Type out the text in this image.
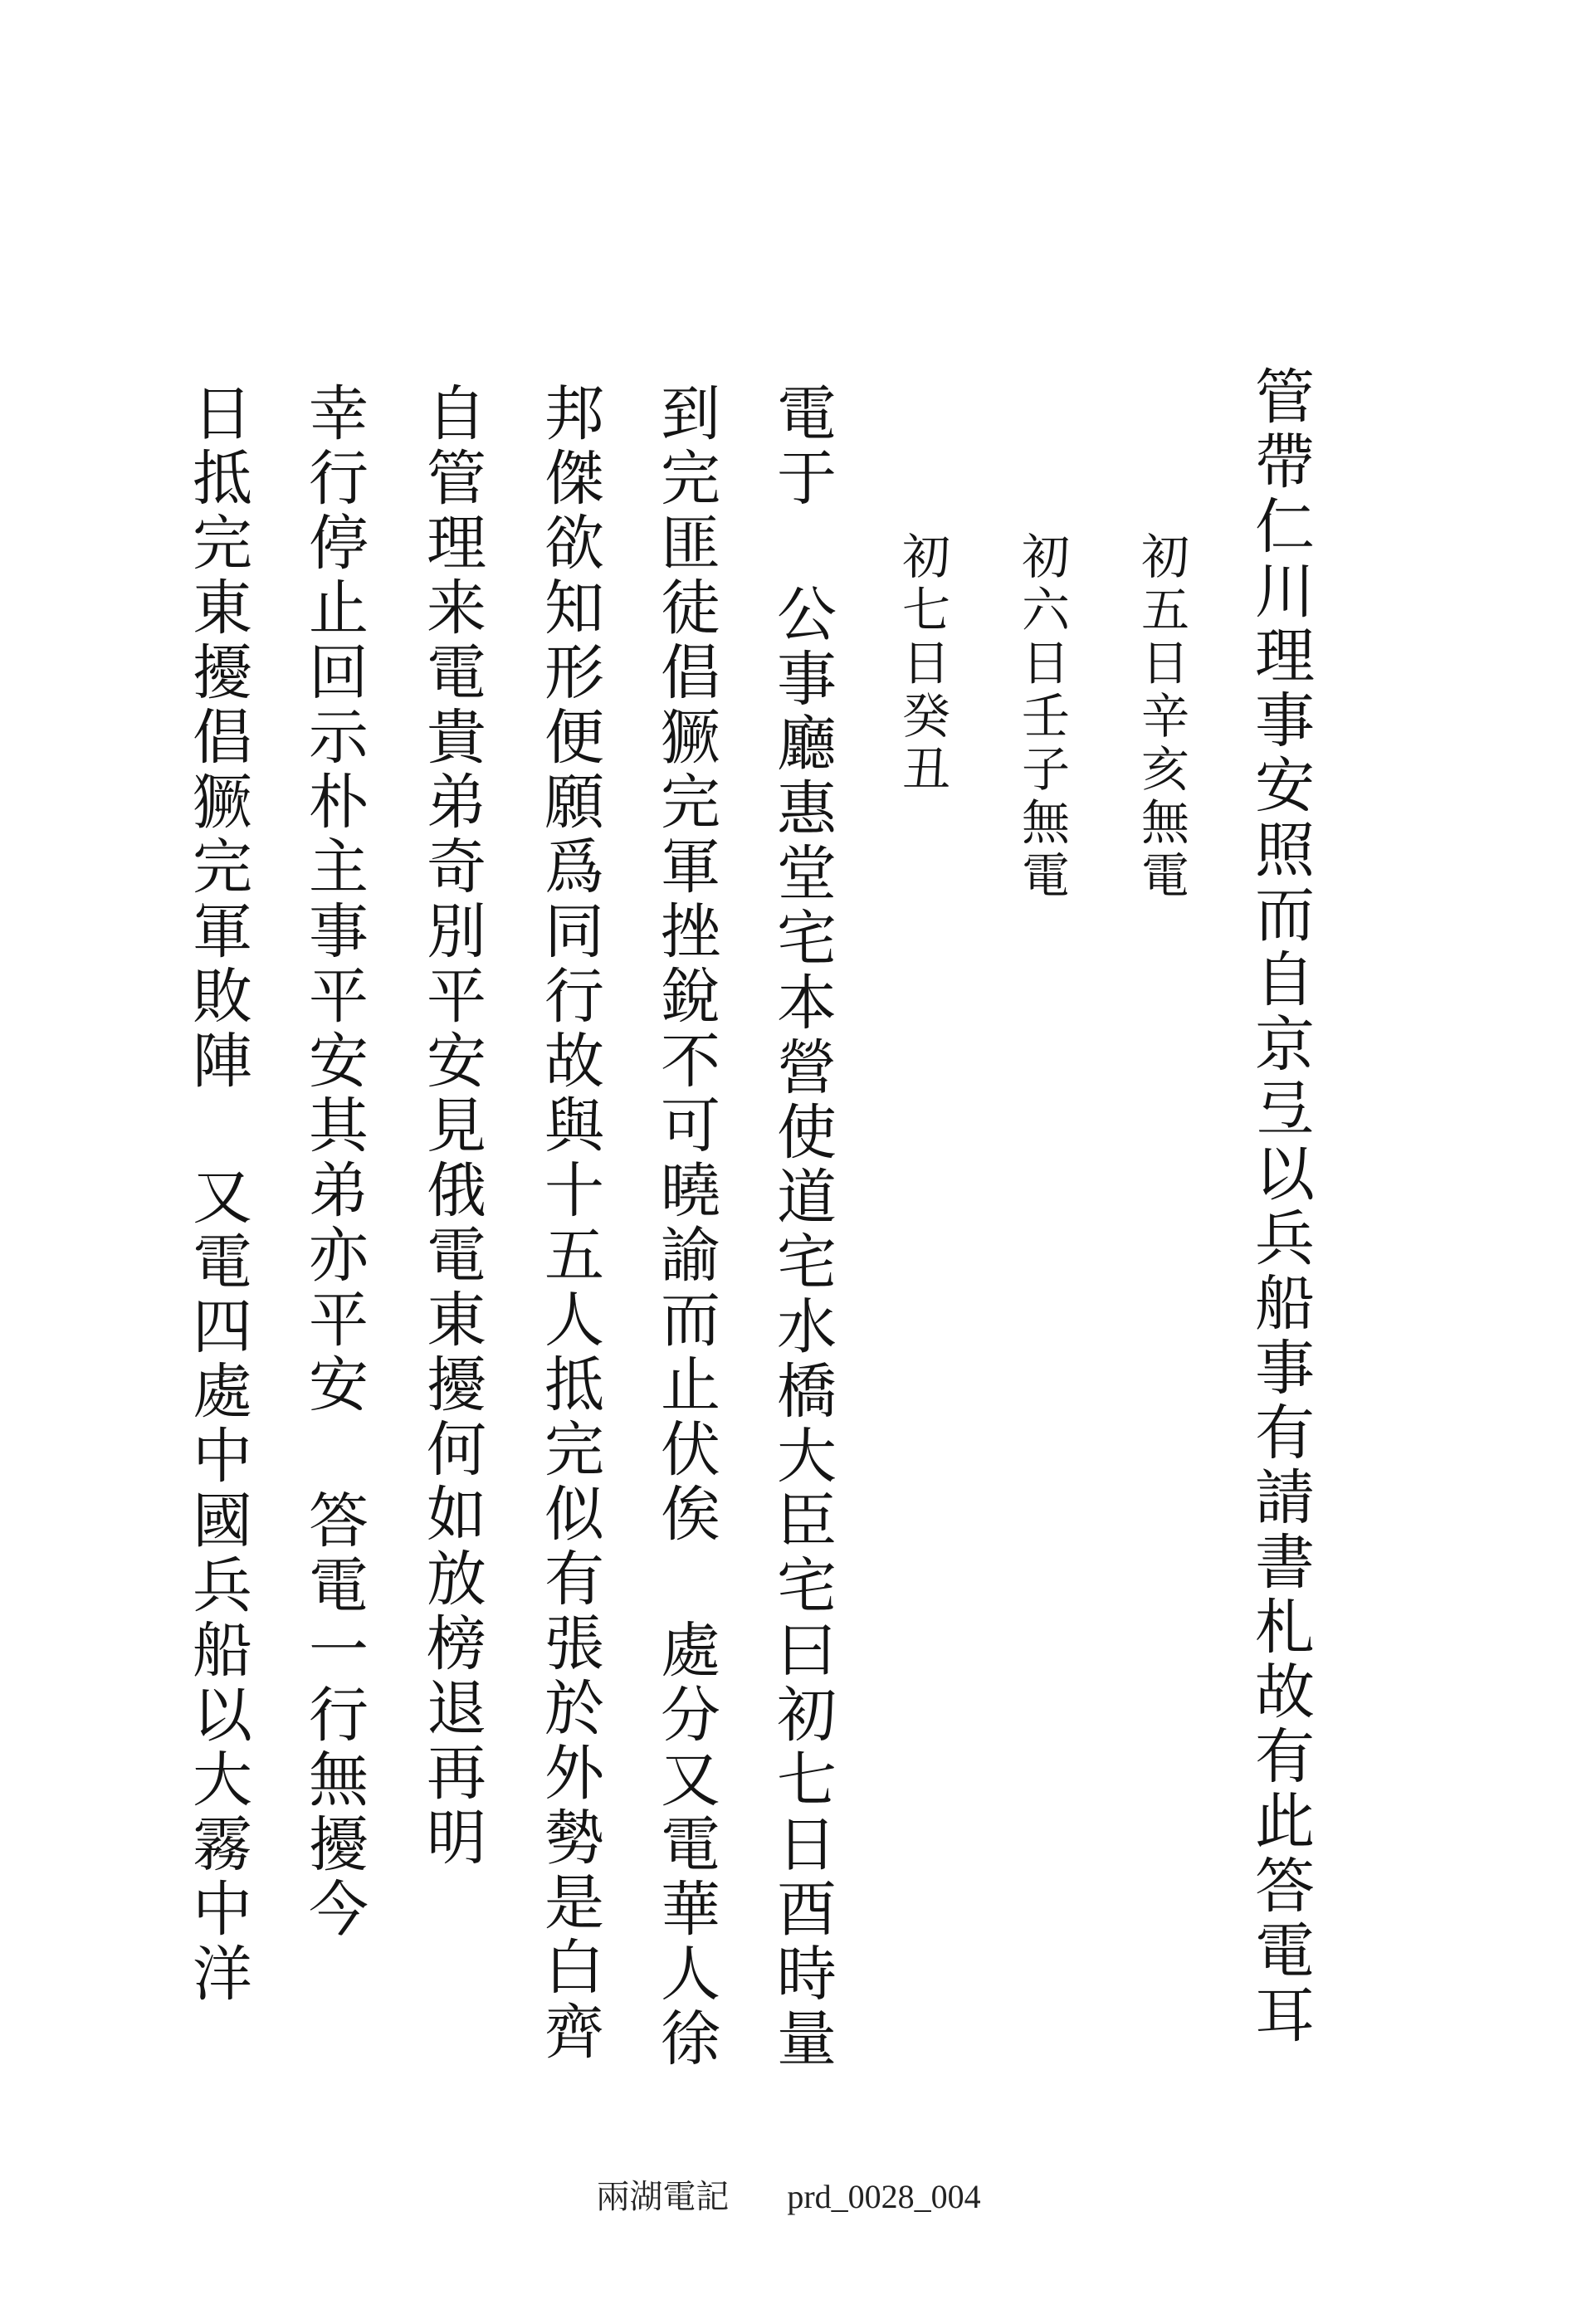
管帶仁川理事安照而自京弖以兵船事有請書札故有此答電耳
初五日辛亥無電
初六日壬子無電
初七日癸丑
電于公事廳惠堂宅本營使道宅水橋大臣宅曰初七日酉時量
到完匪徒倡獗完軍挫銳不可曉諭而止伏俟處分又電華人徐
邦傑欲知形便願爲同行故與十五人抵完似有張於外勢是白齊
自管理来電貴弟奇別平安見俄電東擾何如放榜退再明
幸行停止回示朴主事平安其弟亦平安答電一行無擾今
日抵完東擾倡獗完軍敗陣又電四處中國兵船以大霧中洋
兩湖電記 prd_0028_004
